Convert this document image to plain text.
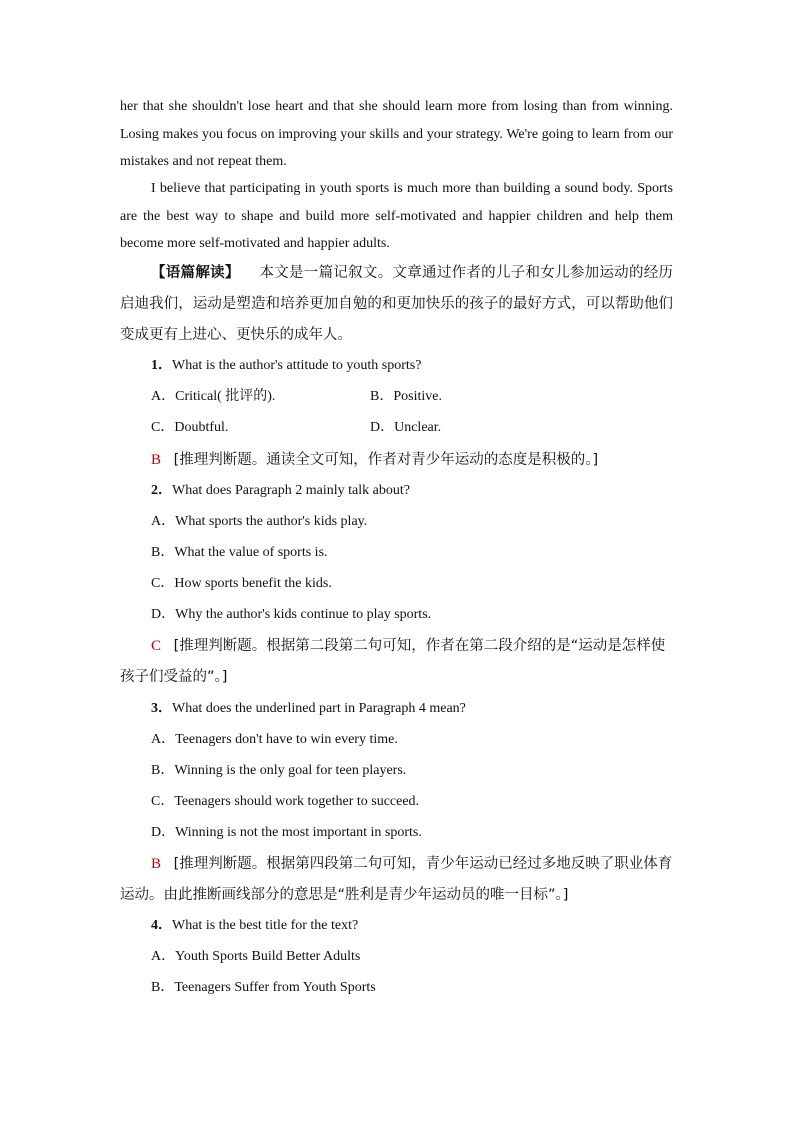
her that she shouldn't lose heart and that she should learn more from losing than from winning. Losing makes you focus on improving your skills and your strategy. We're going to learn from our mistakes and not repeat them.
I believe that participating in youth sports is much more than building a sound body. Sports are the best way to shape and build more self-motivated and happier children and help them become more self-motivated and happier adults.
【语篇解读】 本文是一篇记叙文。文章通过作者的儿子和女儿参加运动的经历启迪我们，运动是塑造和培养更加自勉的和更加快乐的孩子的最好方式，可以帮助他们变成更有上进心、更快乐的成年人。
1．What is the author's attitude to youth sports?
A．Critical( 批评的).	B．Positive.
C．Doubtful.	D．Unclear.
B [推理判断题。通读全文可知，作者对青少年运动的态度是积极的。]
2．What does Paragraph 2 mainly talk about?
A．What sports the author's kids play.
B．What the value of sports is.
C．How sports benefit the kids.
D．Why the author's kids continue to play sports.
C [推理判断题。根据第二段第二句可知，作者在第二段介绍的是“运动是怎样使孩子们受益的”。]
3．What does the underlined part in Paragraph 4 mean?
A．Teenagers don't have to win every time.
B．Winning is the only goal for teen players.
C．Teenagers should work together to succeed.
D．Winning is not the most important in sports.
B [推理判断题。根据第四段第二句可知，青少年运动已经过多地反映了职业体育运动。由此推断画线部分的意思是“胜利是青少年运动员的唯一目标”。]
4．What is the best title for the text?
A．Youth Sports Build Better Adults
B．Teenagers Suffer from Youth Sports
